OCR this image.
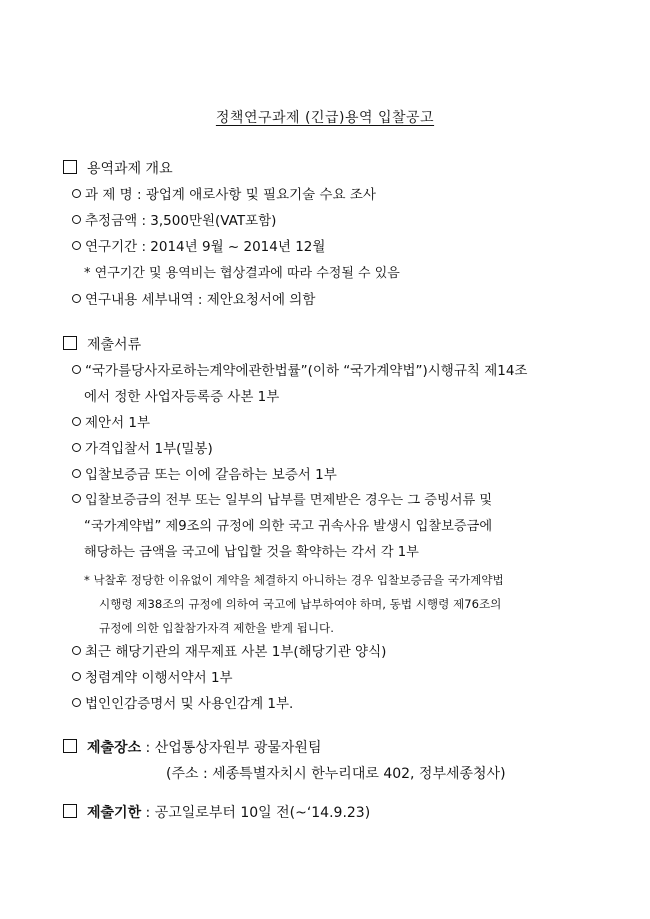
정책연구과제 (긴급)용역 입찰공고
용역과제 개요
과 제 명 : 광업계 애로사항 및 필요기술 수요 조사
추정금액 : 3,500만원(VAT포함)
연구기간 : 2014년 9월 ~ 2014년 12월
* 연구기간 및 용역비는 협상결과에 따라 수정될 수 있음
연구내용 세부내역 : 제안요청서에 의함
제출서류
“국가를당사자로하는계약에관한법률”(이하 “국가계약법”)시행규칙 제14조
에서 정한 사업자등록증 사본 1부
제안서 1부
가격입찰서 1부(밀봉)
입찰보증금 또는 이에 갈음하는 보증서 1부
입찰보증금의 전부 또는 일부의 납부를 면제받은 경우는 그 증빙서류 및
“국가계약법” 제9조의 규정에 의한 국고 귀속사유 발생시 입찰보증금에
해당하는 금액을 국고에 납입할 것을 확약하는 각서 각 1부
* 낙찰후 정당한 이유없이 계약을 체결하지 아니하는 경우 입찰보증금을 국가계약법
시행령 제38조의 규정에 의하여 국고에 납부하여야 하며, 동법 시행령 제76조의
규정에 의한 입찰참가자격 제한을 받게 됩니다.
최근 해당기관의 재무제표 사본 1부(해당기관 양식)
청렴계약 이행서약서 1부
법인인감증명서 및 사용인감계 1부.
제출장소 : 산업통상자원부 광물자원팀
(주소 : 세종특별자치시 한누리대로 402, 정부세종청사)
제출기한 : 공고일로부터 10일 전(~‘14.9.23)
